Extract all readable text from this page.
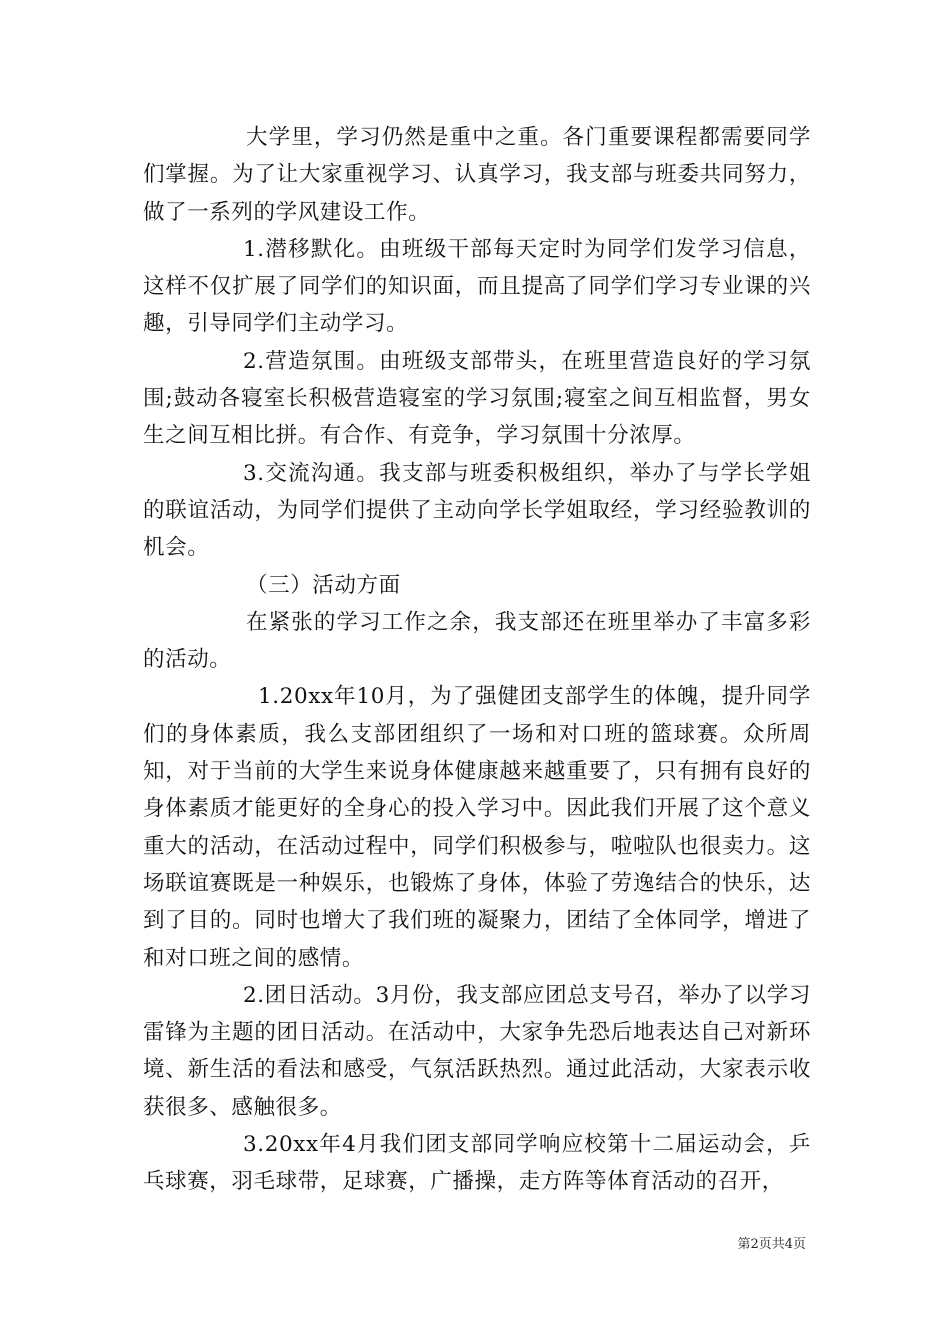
大学里，学习仍然是重中之重。各门重要课程都需要同学们掌握。为了让大家重视学习、认真学习，我支部与班委共同努力，做了一系列的学风建设工作。

1.潜移默化。由班级干部每天定时为同学们发学习信息，这样不仅扩展了同学们的知识面，而且提高了同学们学习专业课的兴趣，引导同学们主动学习。

2.营造氛围。由班级支部带头，在班里营造良好的学习氛围;鼓动各寝室长积极营造寝室的学习氛围;寝室之间互相监督，男女生之间互相比拼。有合作、有竞争，学习氛围十分浓厚。

3.交流沟通。我支部与班委积极组织，举办了与学长学姐的联谊活动，为同学们提供了主动向学长学姐取经，学习经验教训的机会。

（三）活动方面

在紧张的学习工作之余，我支部还在班里举办了丰富多彩的活动。

1.20xx年10月，为了强健团支部学生的体魄，提升同学们的身体素质，我么支部团组织了一场和对口班的篮球赛。众所周知，对于当前的大学生来说身体健康越来越重要了，只有拥有良好的身体素质才能更好的全身心的投入学习中。因此我们开展了这个意义重大的活动，在活动过程中，同学们积极参与，啦啦队也很卖力。这场联谊赛既是一种娱乐，也锻炼了身体，体验了劳逸结合的快乐，达到了目的。同时也增大了我们班的凝聚力，团结了全体同学，增进了和对口班之间的感情。

2.团日活动。3月份，我支部应团总支号召，举办了以学习雷锋为主题的团日活动。在活动中，大家争先恐后地表达自己对新环境、新生活的看法和感受，气氛活跃热烈。通过此活动，大家表示收获很多、感触很多。

3.20xx年4月我们团支部同学响应校第十二届运动会，乒乓球赛，羽毛球带，足球赛，广播操，走方阵等体育活动的召开，

第2页共4页
